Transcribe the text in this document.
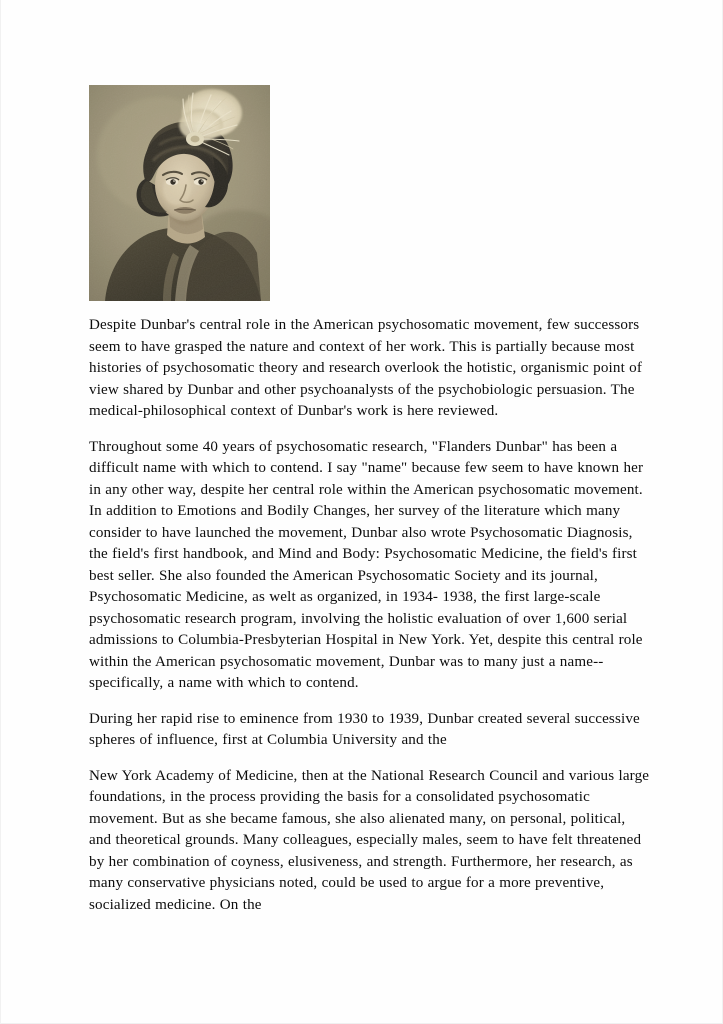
Despite Dunbar's central role in the American psychosomatic movement, few successors seem to have grasped the nature and context of her work. This is partially because most histories of psychosomatic theory and research overlook the hotistic, organismic point of view shared by Dunbar and other psychoanalysts of the psychobiologic persuasion. The medical-philosophical context of Dunbar's work is here reviewed.

Throughout some 40 years of psychosomatic research, "Flanders Dunbar" has been a difficult name with which to contend. I say "name" because few seem to have known her in any other way, despite her central role within the American psychosomatic movement. In addition to Emotions and Bodily Changes, her survey of the literature which many consider to have launched the movement, Dunbar also wrote Psychosomatic Diagnosis, the field's first handbook, and Mind and Body: Psychosomatic Medicine, the field's first best seller. She also founded the American Psychosomatic Society and its journal, Psychosomatic Medicine, as welt as organized, in 1934- 1938, the first large-scale psychosomatic research program, involving the holistic evaluation of over 1,600 serial admissions to Columbia-Presbyterian Hospital in New York. Yet, despite this central role within the American psychosomatic movement, Dunbar was to many just a name--specifically, a name with which to contend.

During her rapid rise to eminence from 1930 to 1939, Dunbar created several successive spheres of influence, first at Columbia University and the

New York Academy of Medicine, then at the National Research Council and various large foundations, in the process providing the basis for a consolidated psychosomatic movement. But as she became famous, she also alienated many, on personal, political, and theoretical grounds. Many colleagues, especially males, seem to have felt threatened by her combination of coyness, elusiveness, and strength. Furthermore, her research, as many conservative physicians noted, could be used to argue for a more preventive, socialized medicine. On the
